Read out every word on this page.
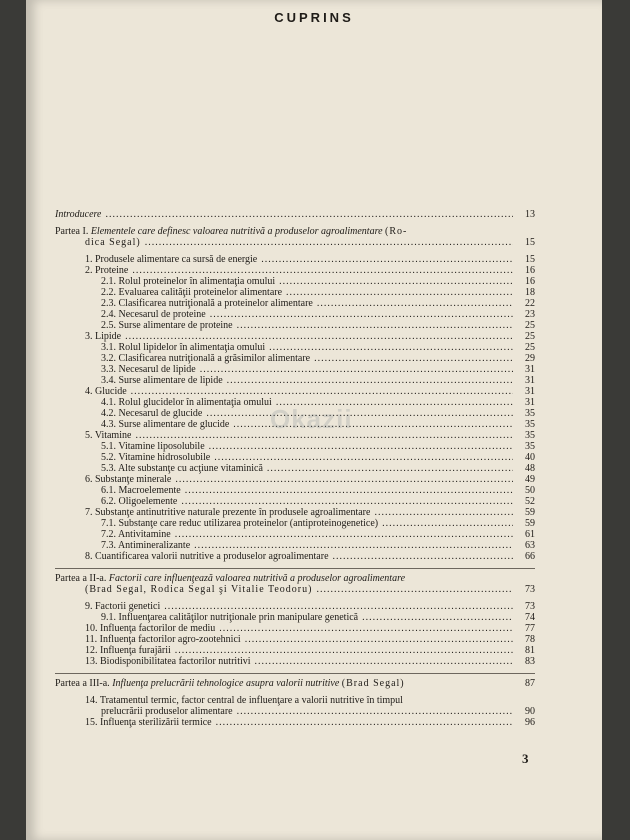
CUPRINS
Introducere .....	13
Partea I. Elementele care definesc valoarea nutritivă a produselor agroalimentare (Ro-
dica Segal) .....	15
1. Produsele alimentare ca sursă de energie .....	15
2. Proteine .....	16
2.1. Rolul proteinelor în alimentaţia omului .....	16
2.2. Evaluarea calităţii proteinelor alimentare .....	18
2.3. Clasificarea nutriţională a proteinelor alimentare .....	22
2.4. Necesarul de proteine .....	23
2.5. Surse alimentare de proteine .....	25
3. Lipide .....	25
3.1. Rolul lipidelor în alimentaţia omului .....	25
3.2. Clasificarea nutriţională a grăsimilor alimentare .....	29
3.3. Necesarul de lipide .....	31
3.4. Surse alimentare de lipide .....	31
4. Glucide .....	31
4.1. Rolul glucidelor în alimentaţia omului .....	31
4.2. Necesarul de glucide .....	35
4.3. Surse alimentare de glucide .....	35
5. Vitamine .....	35
5.1. Vitamine liposolubile .....	35
5.2. Vitamine hidrosolubile .....	40
5.3. Alte substanţe cu acţiune vitaminică .....	48
6. Substanţe minerale .....	49
6.1. Macroelemente .....	50
6.2. Oligoelemente .....	52
7. Substanţe antinutritive naturale prezente în produsele agroalimentare .....	59
7.1. Substanţe care reduc utilizarea proteinelor (antiproteinogenetice) .....	59
7.2. Antivitamine .....	61
7.3. Antimineralizante .....	63
8. Cuantificarea valorii nutritive a produselor agroalimentare .....	66
Partea a II-a. Factorii care influenţează valoarea nutritivă a produselor agroalimentare
(Brad Segal, Rodica Segal şi Vitalie Teodoru) .....	73
9. Factorii genetici .....	73
9.1. Influenţarea calităţilor nutriţionale prin manipulare genetică .....	74
10. Influenţa factorilor de mediu .....	77
11. Influenţa factorilor agro-zootehnici .....	78
12. Influenţa furajării .....	81
13. Biodisponibilitatea factorilor nutritivi .....	83
Partea a III-a. Influenţa prelucrării tehnologice asupra valorii nutritive (Brad Segal)	87
14. Tratamentul termic, factor central de influenţare a valorii nutritive în timpul
prelucrării produselor alimentare .....	90
15. Influenţa sterilizării termice .....	96
Okazii
3
